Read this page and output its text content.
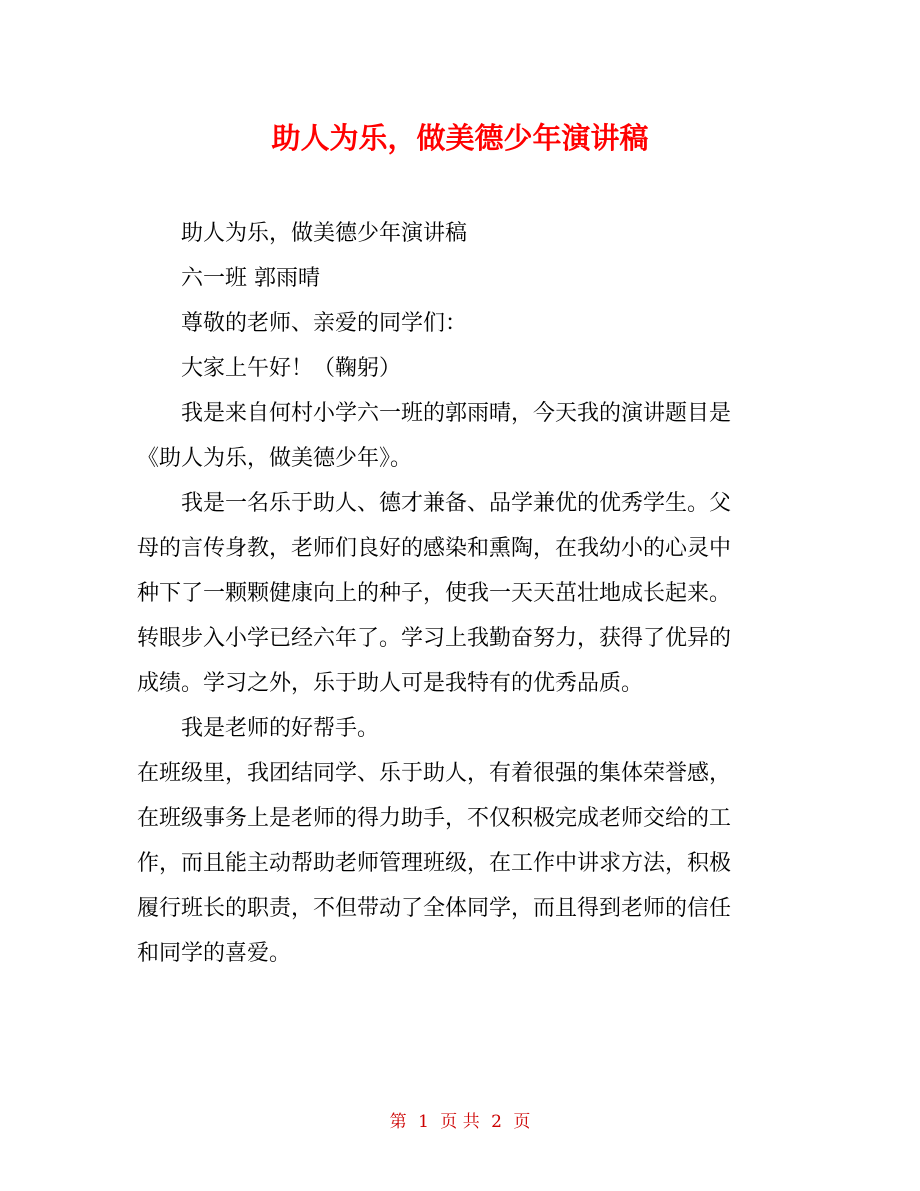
助人为乐，做美德少年演讲稿
助人为乐，做美德少年演讲稿
六一班 郭雨晴
尊敬的老师、亲爱的同学们：
大家上午好！（鞠躬）
我是来自何村小学六一班的郭雨晴，今天我的演讲题目是
《助人为乐，做美德少年》。
我是一名乐于助人、德才兼备、品学兼优的优秀学生。父
母的言传身教，老师们良好的感染和熏陶，在我幼小的心灵中
种下了一颗颗健康向上的种子，使我一天天茁壮地成长起来。
转眼步入小学已经六年了。学习上我勤奋努力，获得了优异的
成绩。学习之外，乐于助人可是我特有的优秀品质。
我是老师的好帮手。
在班级里，我团结同学、乐于助人，有着很强的集体荣誉感，
在班级事务上是老师的得力助手，不仅积极完成老师交给的工
作，而且能主动帮助老师管理班级，在工作中讲求方法，积极
履行班长的职责，不但带动了全体同学，而且得到老师的信任
和同学的喜爱。
第 1 页 共 2 页
